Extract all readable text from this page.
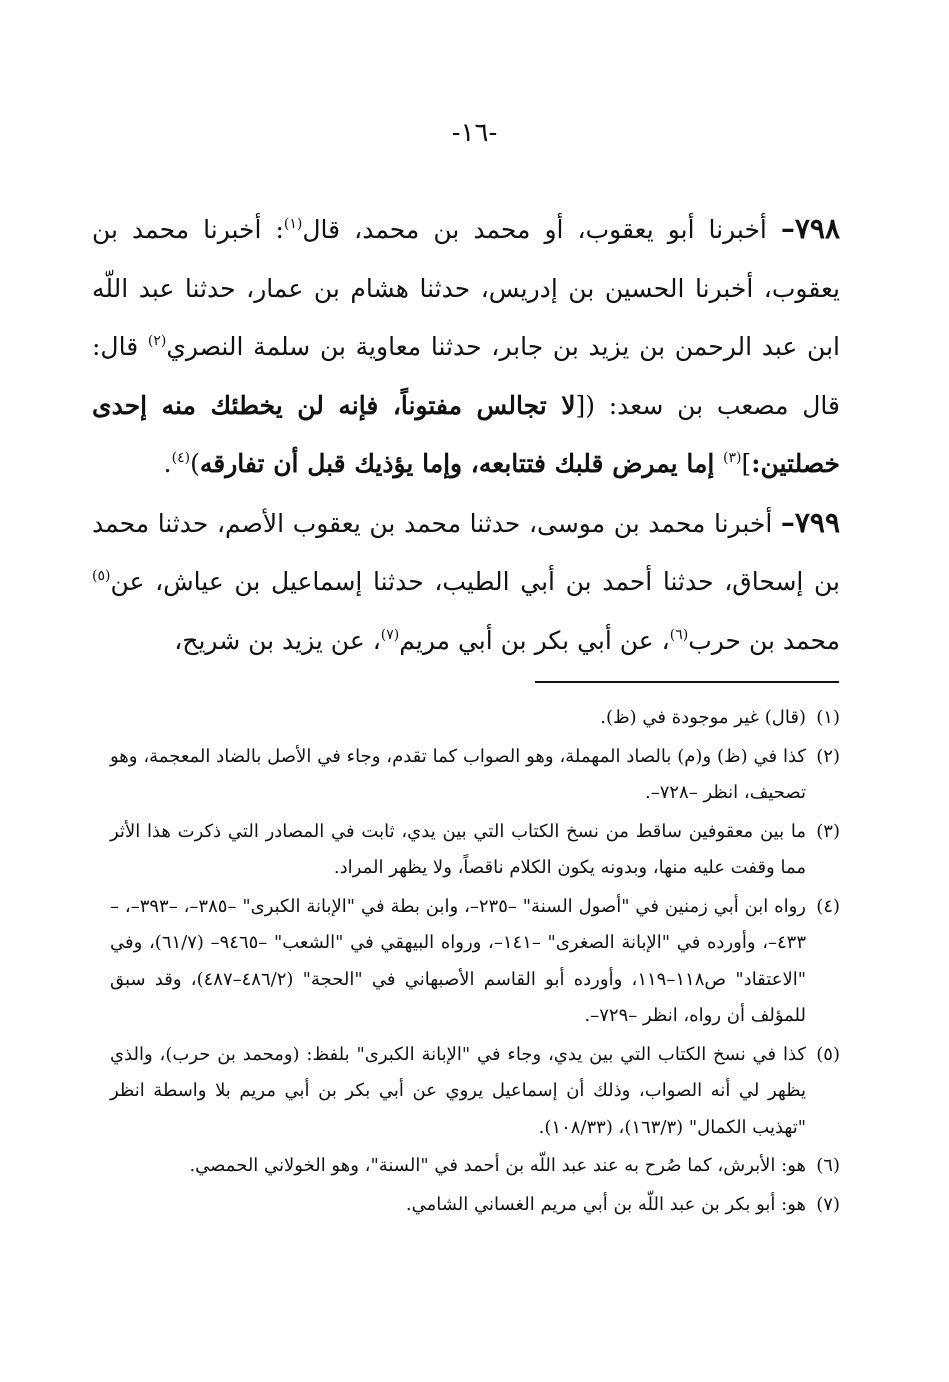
-١٦-

٧٩٨– أخبرنا أبو يعقوب، أو محمد بن محمد، قال$^{(١)}$: أخبرنا محمد بن يعقوب، أخبرنا الحسين بن إدريس، حدثنا هشام بن عمار، حدثنا عبد اللّه ابن عبد الرحمن بن يزيد بن جابر، حدثنا معاوية بن سلمة النصري$^{(٢)}$ قال: قال مصعب بن سعد: ([لا تجالس مفتوناً، فإنه لن يخطئك منه إحدى خصلتين:]$^{(٣)}$ إما يمرض قلبك فتتابعه، وإما يؤذيك قبل أن تفارقه)$^{(٤)}$.

٧٩٩– أخبرنا محمد بن موسى، حدثنا محمد بن يعقوب الأصم، حدثنا محمد بن إسحاق، حدثنا أحمد بن أبي الطيب، حدثنا إسماعيل بن عياش، عن$^{(٥)}$ محمد بن حرب$^{(٦)}$، عن أبي بكر بن أبي مريم$^{(٧)}$، عن يزيد بن شريح،

(١)(قال) غير موجودة في (ظ).

(٢)كذا في (ظ) و(م) بالصاد المهملة، وهو الصواب كما تقدم، وجاء في الأصل بالضاد المعجمة، وهو تصحيف، انظر –٧٢٨–.

(٣)ما بين معقوفين ساقط من نسخ الكتاب التي بين يدي، ثابت في المصادر التي ذكرت هذا الأثر مما وقفت عليه منها، وبدونه يكون الكلام ناقصاً، ولا يظهر المراد.

(٤)رواه ابن أبي زمنين في "أصول السنة" –٢٣٥–، وابن بطة في "الإبانة الكبرى" –٣٨٥–، –٣٩٣–، –٤٣٣–، وأورده في "الإبانة الصغرى" –١٤١–، ورواه البيهقي في "الشعب" –٩٤٦٥– (٦١/٧)، وفي "الاعتقاد" ص١١٨–١١٩، وأورده أبو القاسم الأصبهاني في "الحجة" (٤٨٦/٢–٤٨٧)، وقد سبق للمؤلف أن رواه، انظر –٧٢٩–.

(٥)كذا في نسخ الكتاب التي بين يدي، وجاء في "الإبانة الكبرى" بلفظ: (ومحمد بن حرب)، والذي يظهر لي أنه الصواب، وذلك أن إسماعيل يروي عن أبي بكر بن أبي مريم بلا واسطة انظر "تهذيب الكمال" (١٦٣/٣)، (١٠٨/٣٣).

(٦)هو: الأبرش، كما صُرح به عند عبد اللّه بن أحمد في "السنة"، وهو الخولاني الحمصي.

(٧)هو: أبو بكر بن عبد اللّه بن أبي مريم الغساني الشامي.
